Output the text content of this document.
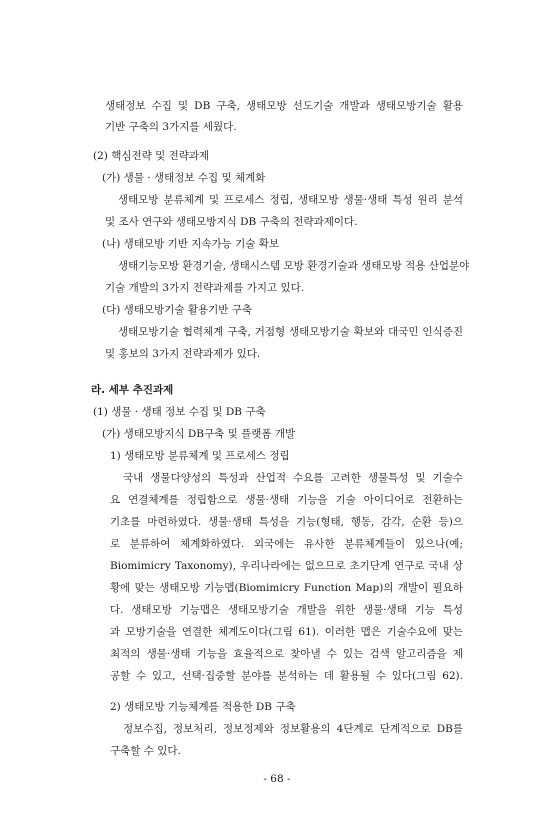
생태정보 수집 및 DB 구축, 생태모방 선도기술 개발과 생태모방기술 활용
기반 구축의 3가지를 세웠다.
(2) 핵심전략 및 전략과제
(가) 생물 · 생태정보 수집 및 체계화
생태모방 분류체계 및 프로세스 정립, 생태모방 생물·생태 특성 원리 분석
및 조사 연구와 생태모방지식 DB 구축의 전략과제이다.
(나) 생태모방 기반 지속가능 기술 확보
생태기능모방 환경기술, 생태시스템 모방 환경기술과 생태모방 적용 산업분야
기술 개발의 3가지 전략과제를 가지고 있다.
(다) 생태모방기술 활용기반 구축
생태모방기술 협력체계 구축, 거점형 생태모방기술 확보와 대국민 인식증진
및 홍보의 3가지 전략과제가 있다.
라. 세부 추진과제
(1) 생물 · 생태 정보 수집 및 DB 구축
(가) 생태모방지식 DB구축 및 플랫폼 개발
1) 생태모방 분류체계 및 프로세스 정립
국내 생물다양성의 특성과 산업적 수요를 고려한 생물특성 및 기술수
요 연결체계를 정립함으로 생물·생태 기능을 기술 아이디어로 전환하는
기초를 마련하였다. 생물·생태 특성을 기능(형태, 행동, 감각, 순환 등)으
로 분류하여 체계화하였다. 외국에는 유사한 분류체계들이 있으나(예;
Biomimicry Taxonomy), 우리나라에는 없으므로 초기단계 연구로 국내 상
황에 맞는 생태모방 기능맵(Biomimicry Function Map)의 개발이 필요하
다. 생태모방 기능맵은 생태모방기술 개발을 위한 생물·생태 기능 특성
과 모방기술을 연결한 체계도이다(그림 61). 이러한 맵은 기술수요에 맞는
최적의 생물·생태 기능을 효율적으로 찾아낼 수 있는 검색 알고리즘을 제
공할 수 있고, 선택·집중할 분야를 분석하는 데 활용될 수 있다(그림 62).
2) 생태모방 기능체계를 적용한 DB 구축
정보수집, 정보처리, 정보정제와 정보활용의 4단계로 단계적으로 DB를
구축할 수 있다.
- 68 -
